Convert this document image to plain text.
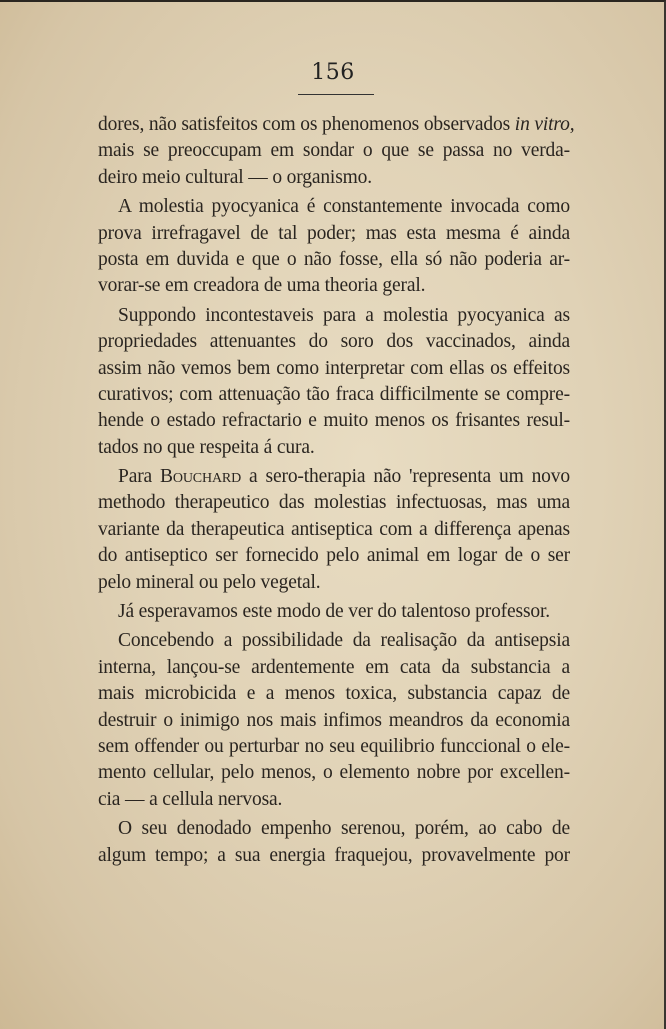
156
dores, não satisfeitos com os phenomenos observados in vitro,
mais se preoccupam em sondar o que se passa no verda-
deiro meio cultural — o organismo.
A molestia pyocyanica é constantemente invocada como
prova irrefragavel de tal poder; mas esta mesma é ainda
posta em duvida e que o não fosse, ella só não poderia ar-
vorar-se em creadora de uma theoria geral.
Suppondo incontestaveis para a molestia pyocyanica as
propriedades attenuantes do soro dos vaccinados, ainda
assim não vemos bem como interpretar com ellas os effeitos
curativos; com attenuação tão fraca difficilmente se compre-
hende o estado refractario e muito menos os frisantes resul-
tados no que respeita á cura.
Para Bouchard a sero-therapia não 'representa um novo
methodo therapeutico das molestias infectuosas, mas uma
variante da therapeutica antiseptica com a differença apenas
do antiseptico ser fornecido pelo animal em logar de o ser
pelo mineral ou pelo vegetal.
Já esperavamos este modo de ver do talentoso professor.
Concebendo a possibilidade da realisação da antisepsia
interna, lançou-se ardentemente em cata da substancia a
mais microbicida e a menos toxica, substancia capaz de
destruir o inimigo nos mais infimos meandros da economia
sem offender ou perturbar no seu equilibrio funccional o ele-
mento cellular, pelo menos, o elemento nobre por excellen-
cia — a cellula nervosa.
O seu denodado empenho serenou, porém, ao cabo de
algum tempo; a sua energia fraquejou, provavelmente por
